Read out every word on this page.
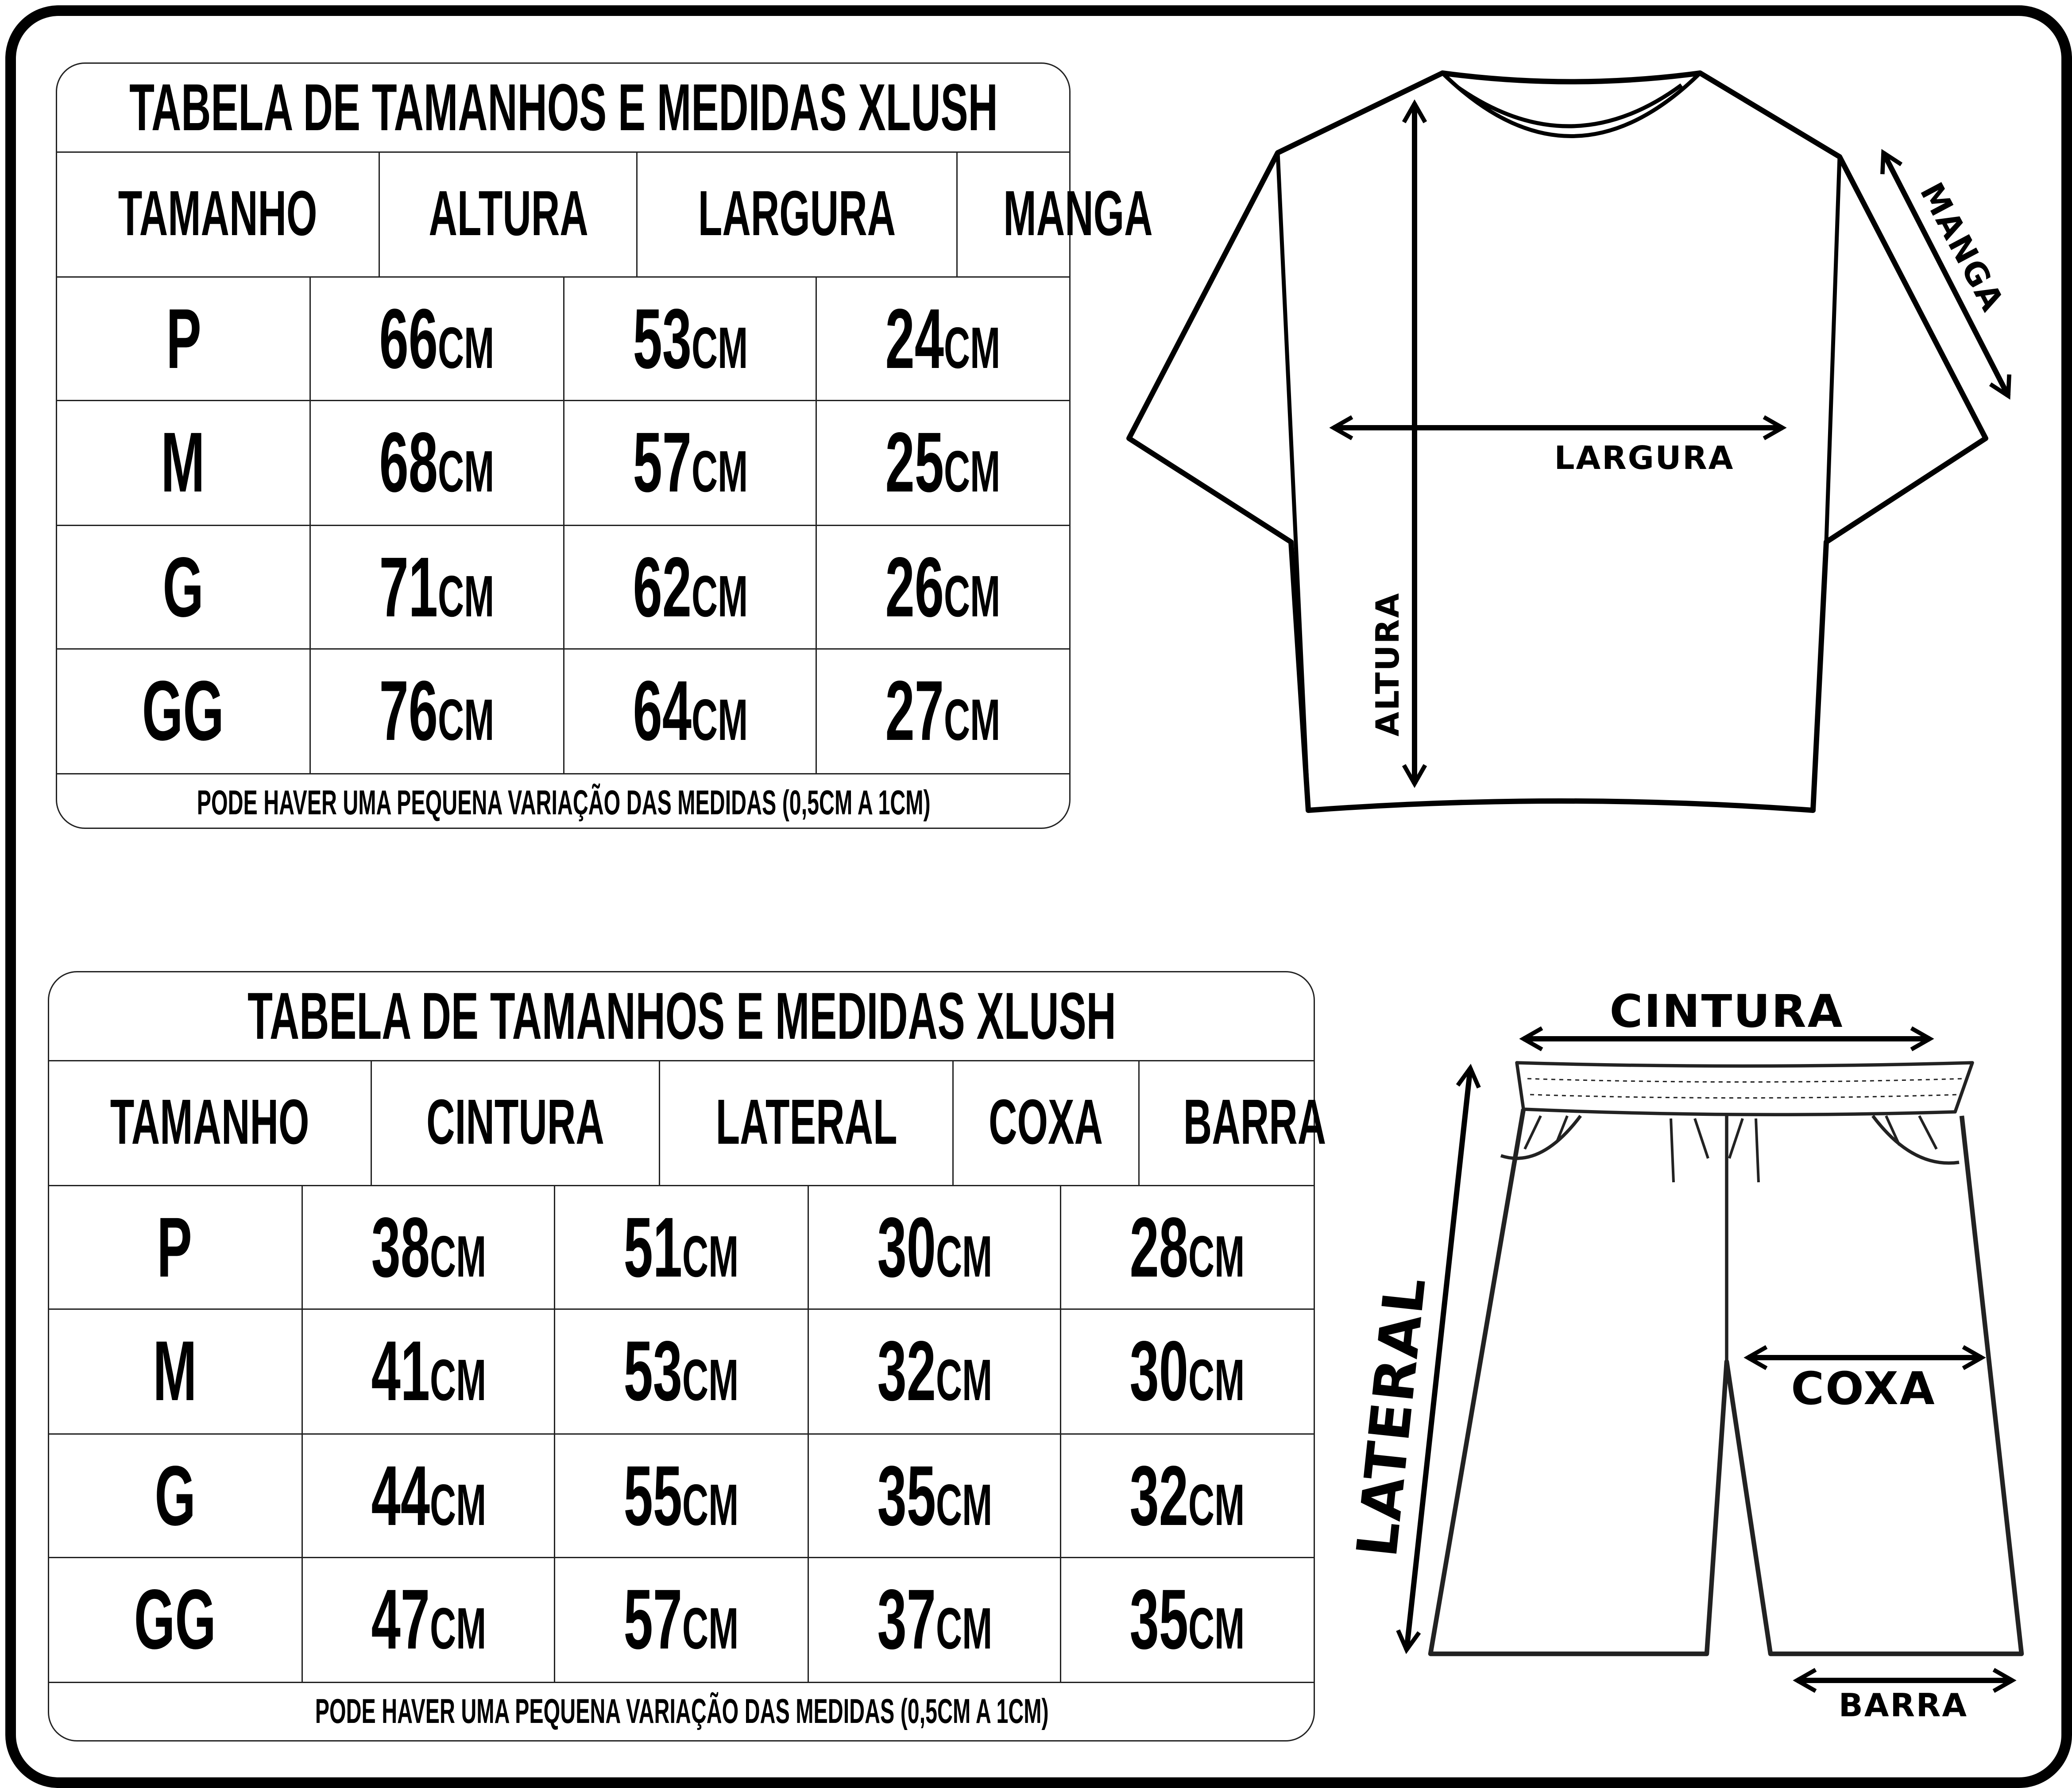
TABELA DE TAMANHOS E MEDIDAS XLUSH
TAMANHO	ALTURA	LARGURA	MANGA
P	66CM	53CM	24CM
M	68CM	57CM	25CM
G	71CM	62CM	26CM
GG	76CM	64CM	27CM
PODE HAVER UMA PEQUENA VARIAÇÃO DAS MEDIDAS (0,5CM A 1CM)
TABELA DE TAMANHOS E MEDIDAS XLUSH
TAMANHO	CINTURA	LATERAL	COXA	BARRA
P	38CM	51CM	30CM	28CM
M	41CM	53CM	32CM	30CM
G	44CM	55CM	35CM	32CM
GG	47CM	57CM	37CM	35CM
PODE HAVER UMA PEQUENA VARIAÇÃO DAS MEDIDAS (0,5CM A 1CM)
LARGURA
ALTURA
MANGA
CINTURA
LATERAL	COXA
BARRA
